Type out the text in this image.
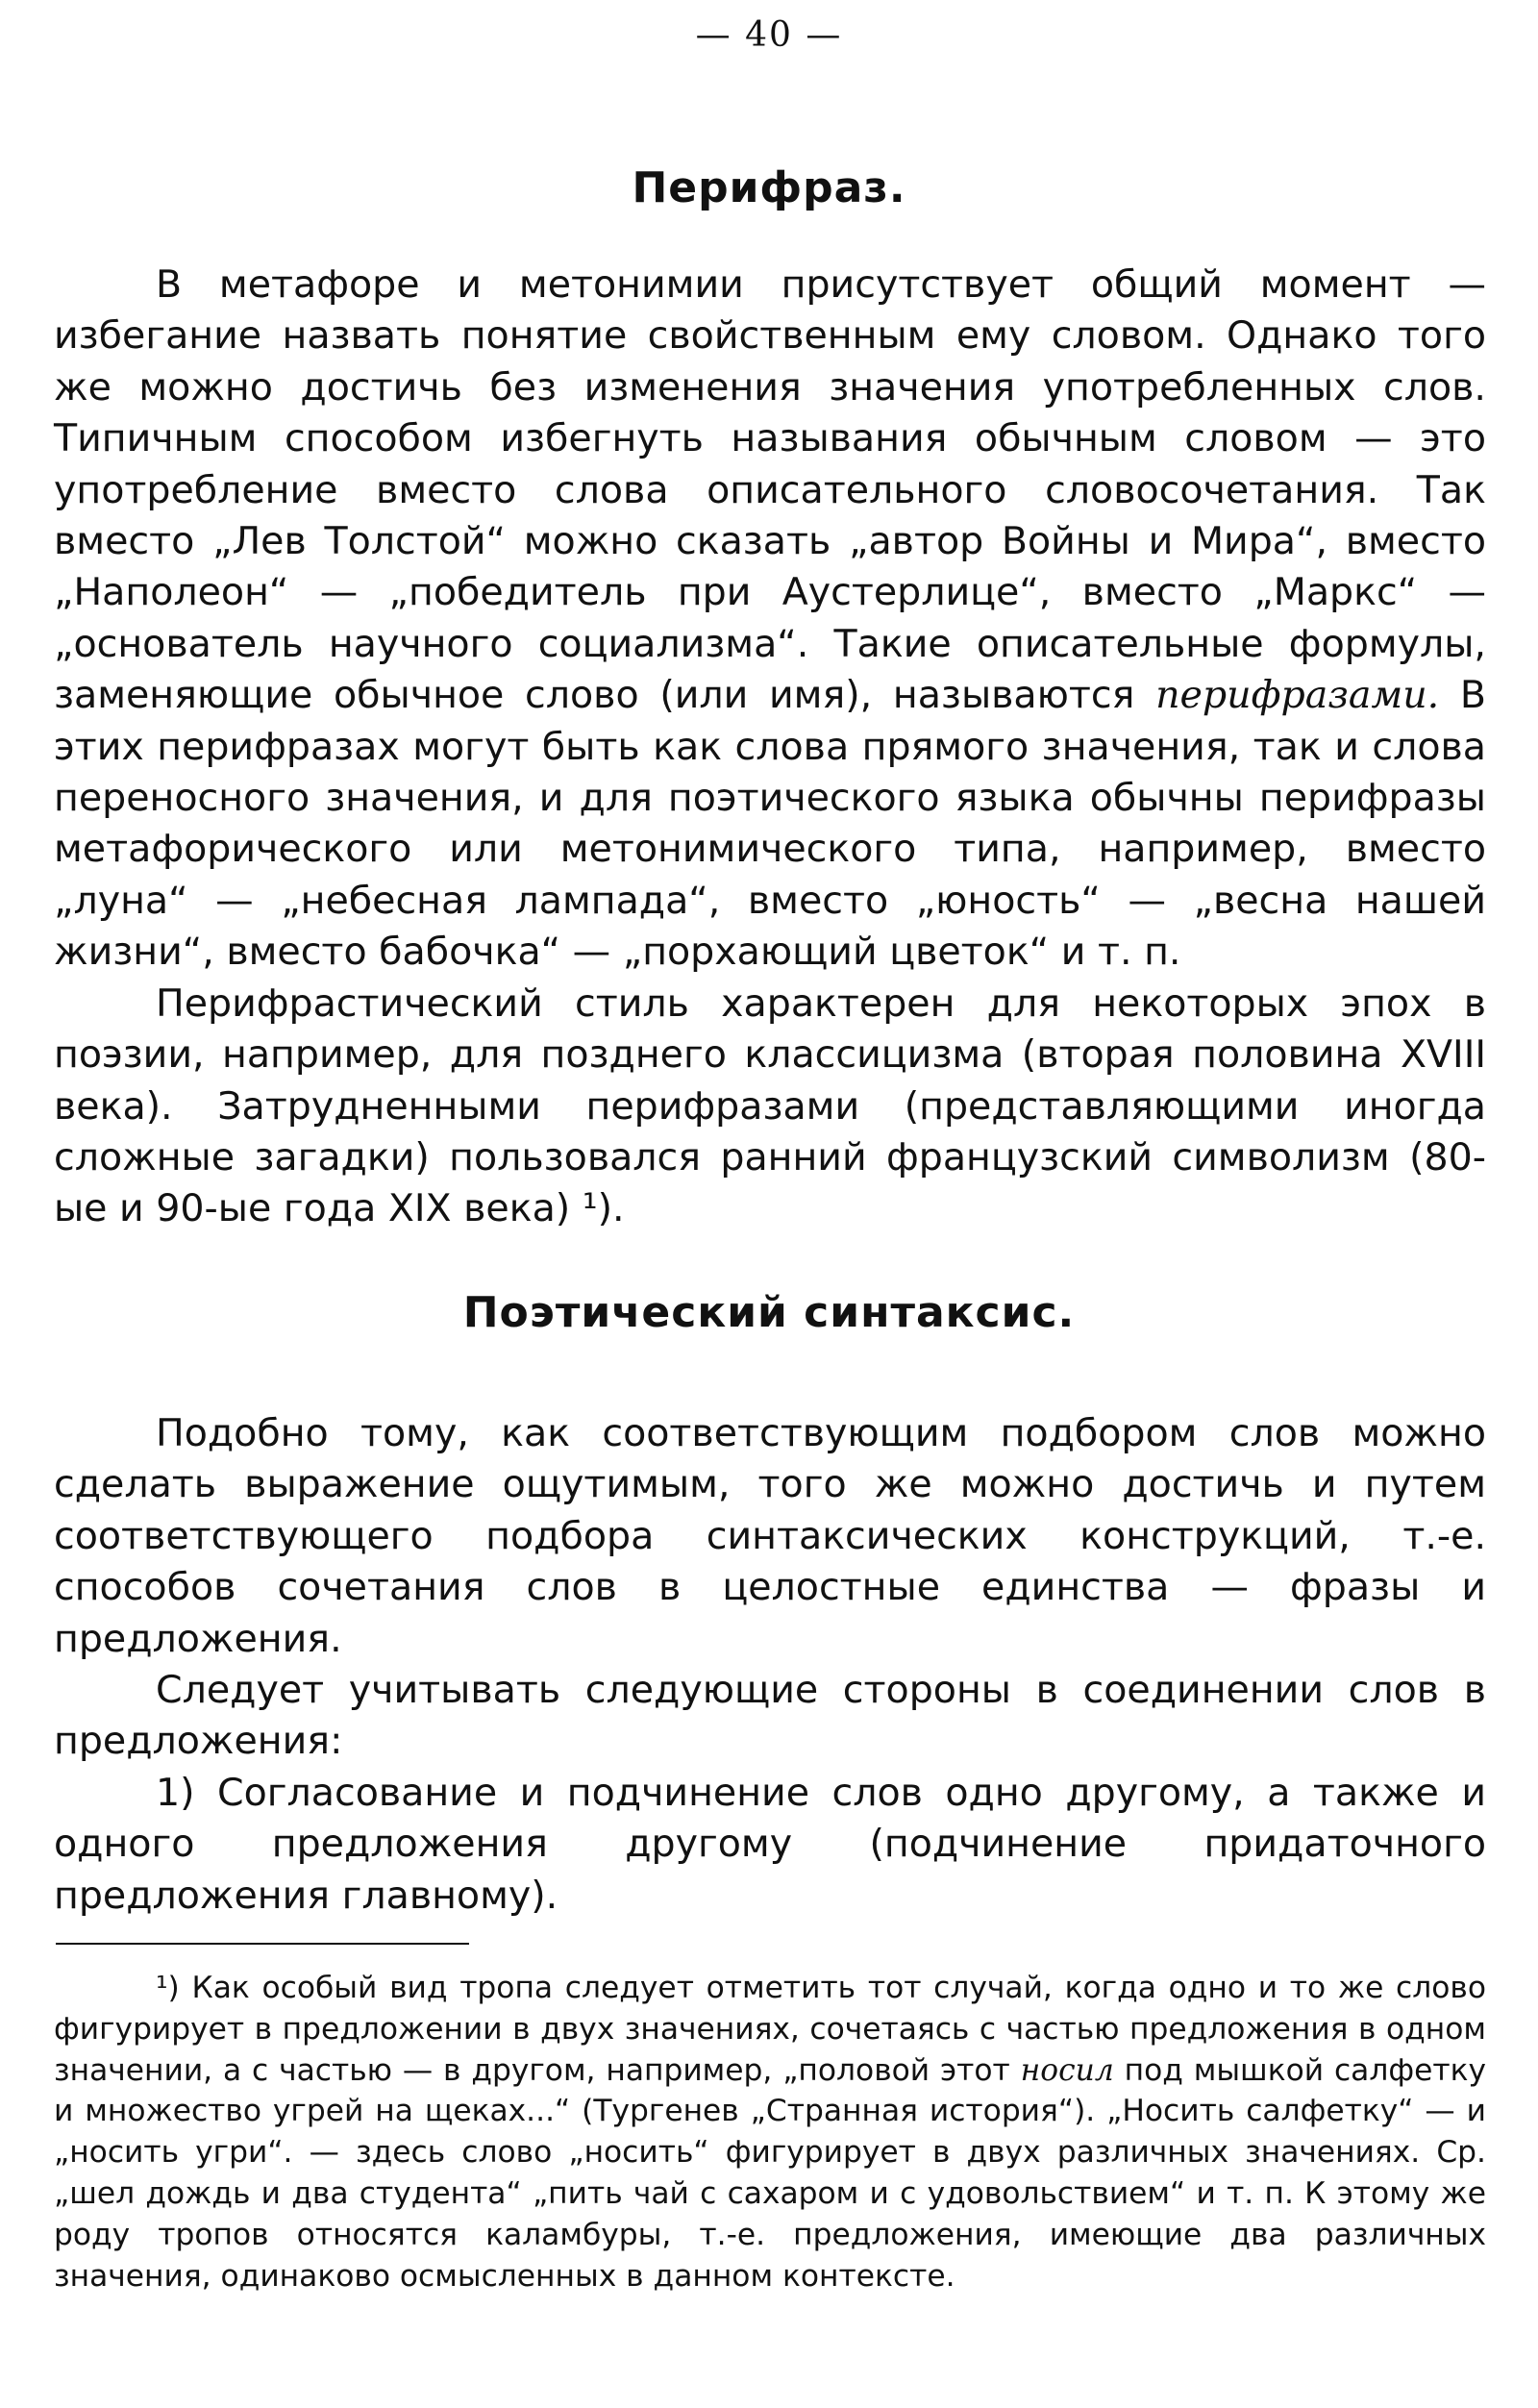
— 40 —
Перифраз.

В метафоре и метонимии присутствует общий момент — избегание назвать понятие свойственным ему словом. Однако того же можно достичь без изменения значения употребленных слов. Типичным способом избегнуть называния обычным словом — это употребление вместо слова описательного словосочетания. Так вместо „Лев Толстой“ можно сказать „автор Войны и Мира“, вместо „Наполеон“ — „победитель при Аустерлице“, вместо „Маркс“ — „основатель научного социализма“. Такие описательные формулы, заменяющие обычное слово (или имя), называются перифразами. В этих перифразах могут быть как слова прямого значения, так и слова переносного значения, и для поэтического языка обычны перифразы метафорического или метонимического типа, например, вместо „луна“ — „небесная лампада“, вместо „юность“ — „весна нашей жизни“, вместо бабочка“ — „порхающий цветок“ и т. п.

Перифрастический стиль характерен для некоторых эпох в поэзии, например, для позднего классицизма (вторая половина XVIII века). Затрудненными перифразами (представляющими иногда сложные загадки) пользовался ранний французский символизм (80-ые и 90-ые года XIX века) ¹).

Поэтический синтаксис.

Подобно тому, как соответствующим подбором слов можно сделать выражение ощутимым, того же можно достичь и путем соответствующего подбора синтаксических конструкций, т.-е. способов сочетания слов в целостные единства — фразы и предложения.

Следует учитывать следующие стороны в соединении слов в предложения:

1) Согласование и подчинение слов одно другому, а также и одного предложения другому (подчинение придаточного предложения главному).

¹) Как особый вид тропа следует отметить тот случай, когда одно и то же слово фигурирует в предложении в двух значениях, сочетаясь с частью предложения в одном значении, а с частью — в другом, например, „половой этот носил под мышкой салфетку и множество угрей на щеках...“ (Тургенев „Странная история“). „Носить салфетку“ — и „носить угри“. — здесь слово „носить“ фигурирует в двух различных значениях. Ср. „шел дождь и два студента“ „пить чай с сахаром и с удовольствием“ и т. п. К этому же роду тропов относятся каламбуры, т.-е. предложения, имеющие два различных значения, одинаково осмысленных в данном контексте.
